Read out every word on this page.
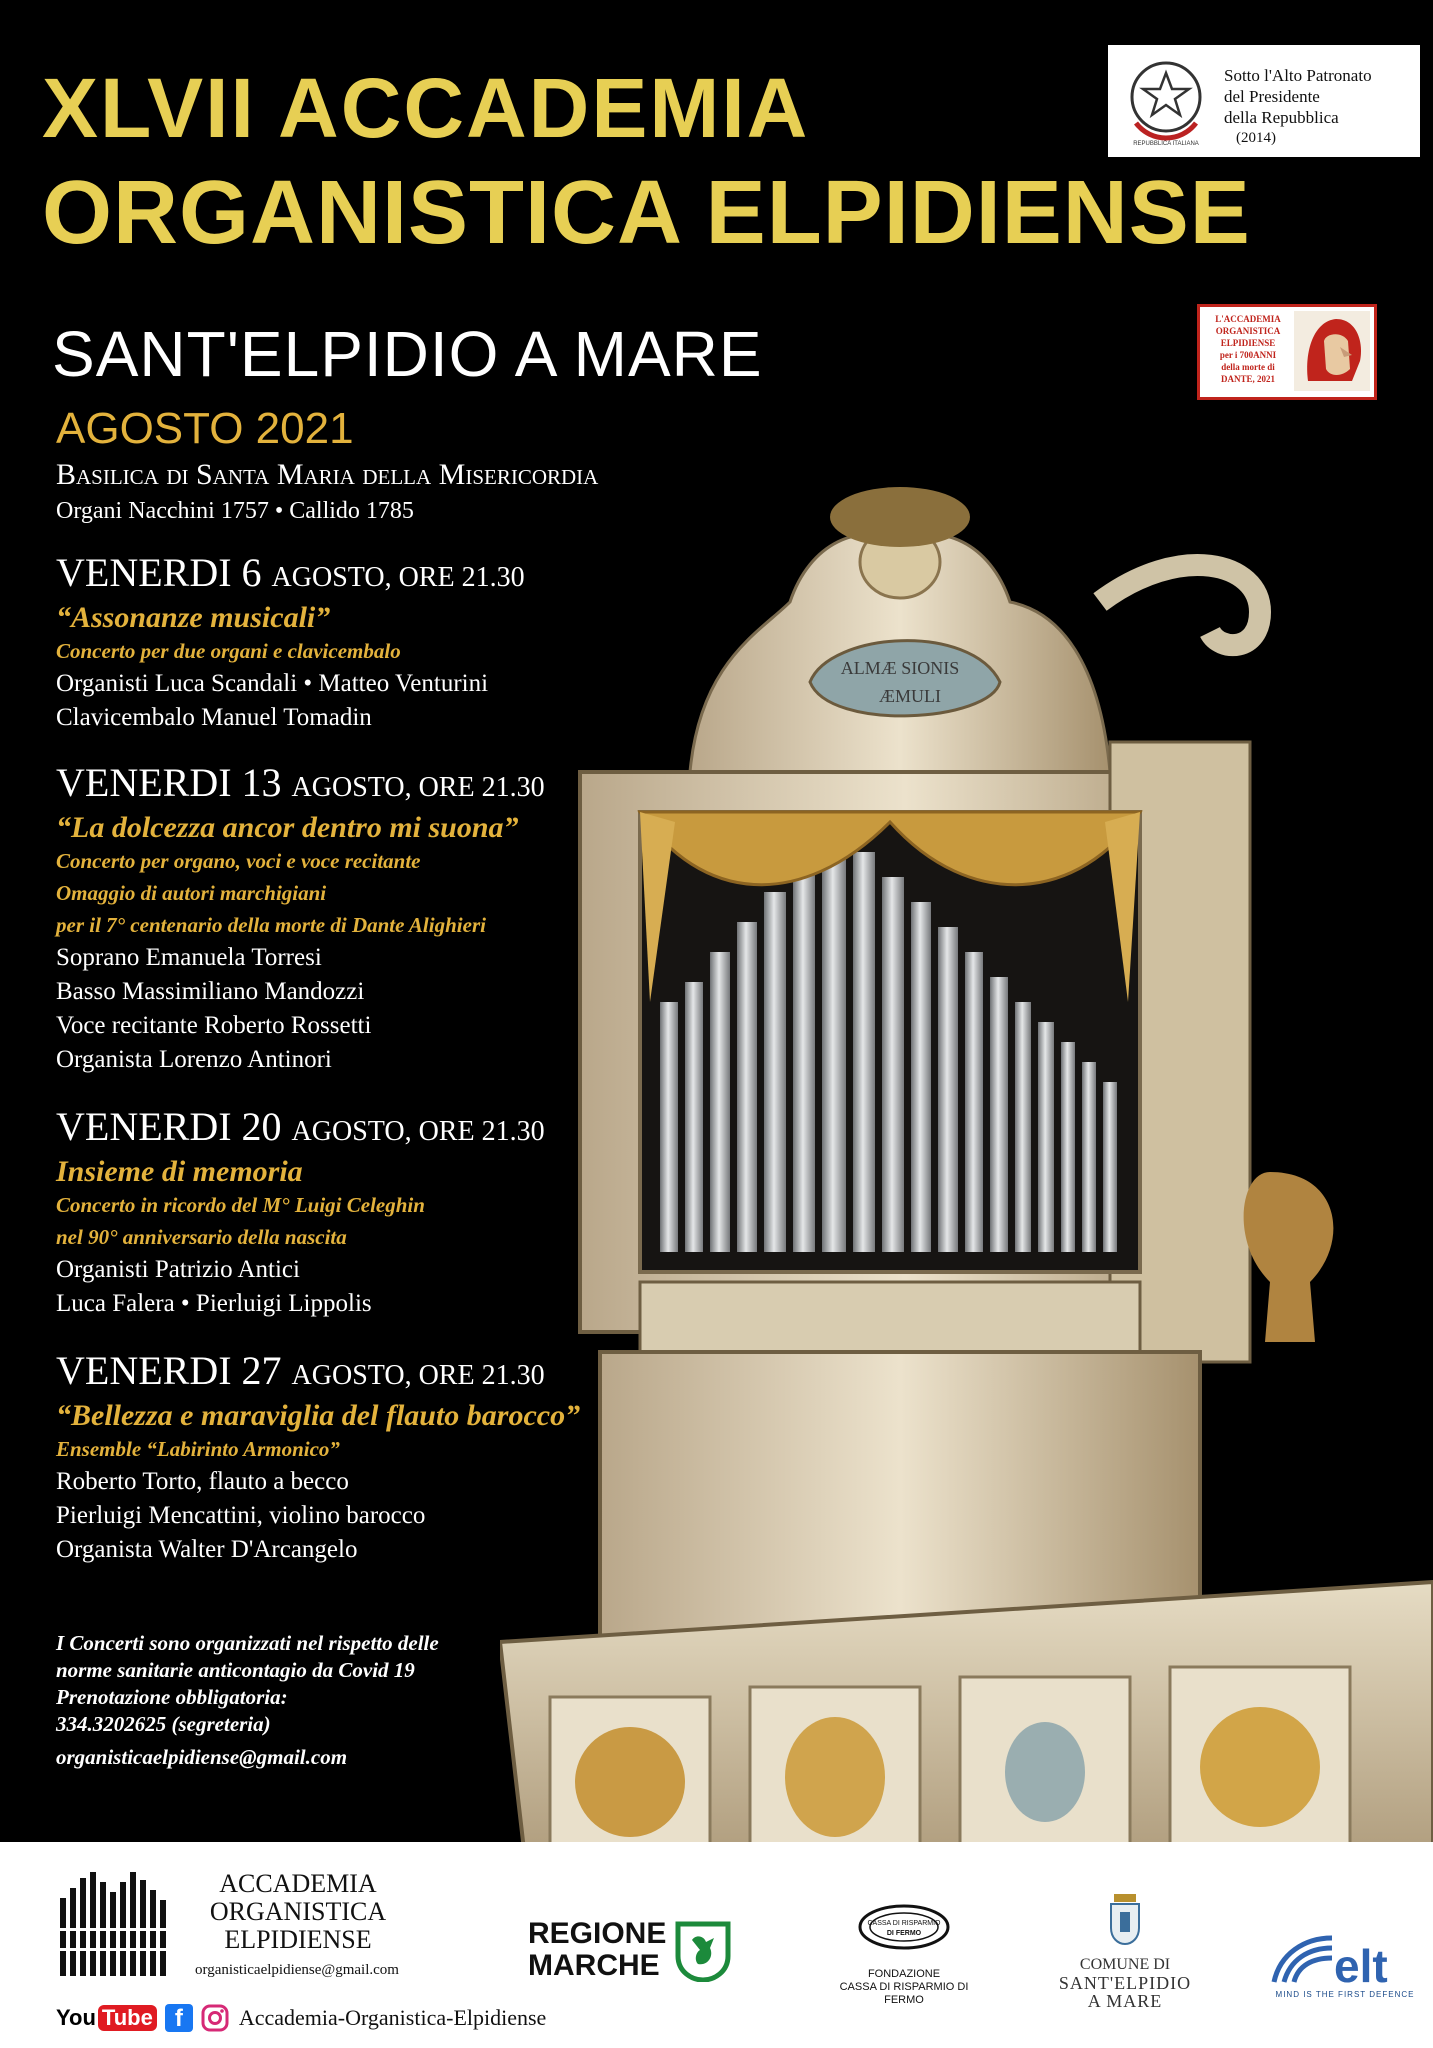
ALMÆ SIONIS
ÆMULI
REPUBBLICA ITALIANA
Sotto l'Alto Patronato
del Presidente
della Repubblica
(2014)
XLVII ACCADEMIA
ORGANISTICA ELPIDIENSE
L'ACCADEMIA
ORGANISTICA
ELPIDIENSE
per i 700ANNI
della morte di
DANTE, 2021
SANT'ELPIDIO A MARE
AGOSTO 2021
Basilica di Santa Maria della Misericordia
Organi Nacchini 1757 • Callido 1785
VENERDI 6 AGOSTO, ORE 21.30
“Assonanze musicali”
Concerto per due organi e clavicembalo
Organisti Luca Scandali • Matteo Venturini
Clavicembalo Manuel Tomadin
VENERDI 13 AGOSTO, ORE 21.30
“La dolcezza ancor dentro mi suona”
Concerto per organo, voci e voce recitante
Omaggio di autori marchigiani
per il 7° centenario della morte di Dante Alighieri
Soprano Emanuela Torresi
Basso Massimiliano Mandozzi
Voce recitante Roberto Rossetti
Organista Lorenzo Antinori
VENERDI 20 AGOSTO, ORE 21.30
Insieme di memoria
Concerto in ricordo del M° Luigi Celeghin
nel 90° anniversario della nascita
Organisti Patrizio Antici
Luca Falera • Pierluigi Lippolis
VENERDI 27 AGOSTO, ORE 21.30
“Bellezza e maraviglia del flauto barocco”
Ensemble “Labirinto Armonico”
Roberto Torto, flauto a becco
Pierluigi Mencattini, violino barocco
Organista Walter D'Arcangelo
I Concerti sono organizzati nel rispetto delle
norme sanitarie anticontagio da Covid 19
Prenotazione obbligatoria:
334.3202625 (segreteria)
organisticaelpidiense@gmail.com
ACCADEMIA
ORGANISTICA
ELPIDIENSE
organisticaelpidiense@gmail.com
You Tube f	Accademia-Organistica-Elpidiense
REGIONE
MARCHE
CASSA DI RISPARMIO
DI FERMO
FONDAZIONE
CASSA DI RISPARMIO DI FERMO
COMUNE DI
SANT'ELPIDIO
A MARE
elt
MIND IS THE FIRST DEFENCE
